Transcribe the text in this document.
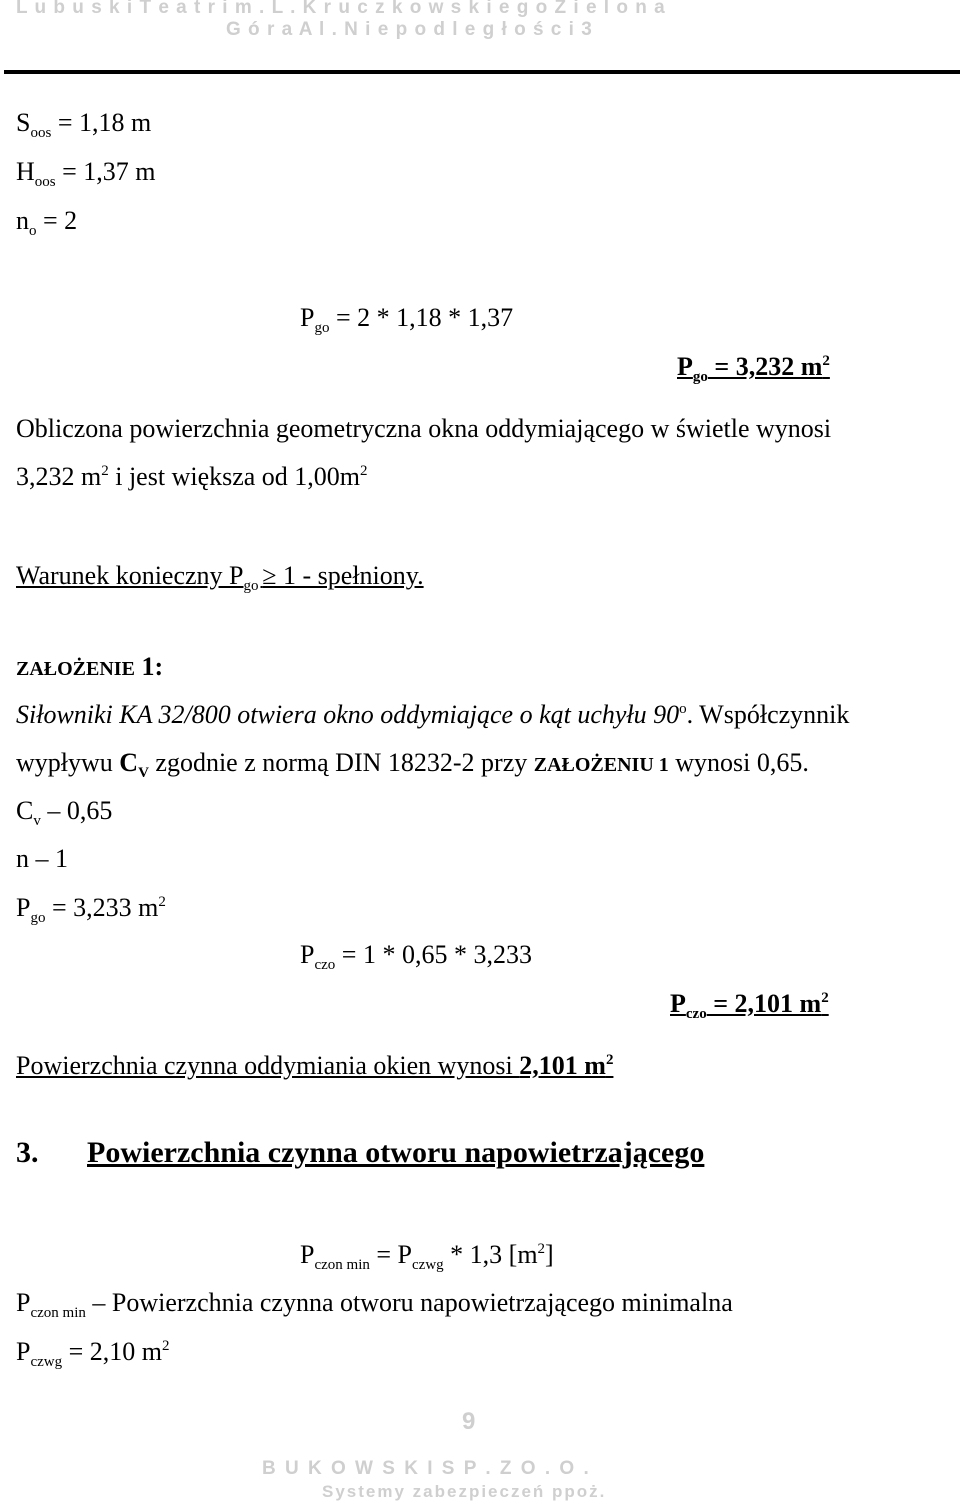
L u b u s k i T e a t r i m . L . K r u c z k o w s k i e g o Z i e l o n a
G ó r a A l . N i e p o d l e g ł o ś c i 3
$S_{oos} = 1,18$ m
$H_{oos} = 1,37$ m
$n_o = 2$
$P_{go} = 2 * 1,18 * 1,37$
$P_{go} = 3,232$ $m^2$
Obliczona powierzchnia geometryczna okna oddymiającego w świetle wynosi
3,232 $m^2$ i jest większa od $1,00m^2$
Warunek konieczny $P_{go} \ge 1$ - spełniony.
ZAŁOŻENIE 1:
Siłowniki KA 32/800 otwiera okno oddymiające o kąt uchyłu 90$^o$. Współczynnik
wypływu $C_V$ zgodnie z normą DIN 18232-2 przy ZAŁOŻENIU 1 wynosi 0,65.
$C_v - 0,65$
n – 1
$P_{go} = 3,233$ $m^2$
$P_{czo} = 1 * 0,65 * 3,233$
$P_{czo} = 2,101$ $m^2$
Powierzchnia czynna oddymiania okien wynosi 2,101 $m^2$
3. Powierzchnia czynna otworu napowietrzającego
$P_{czon min} = P_{czwg} * 1,3$ $[m^2]$
$P_{czon min}$ – Powierzchnia czynna otworu napowietrzającego minimalna
$P_{czwg} = 2,10$ $m^2$
9
B U K O W S K I S P . Z O . O .
Systemy zabezpieczeń ppoż.
